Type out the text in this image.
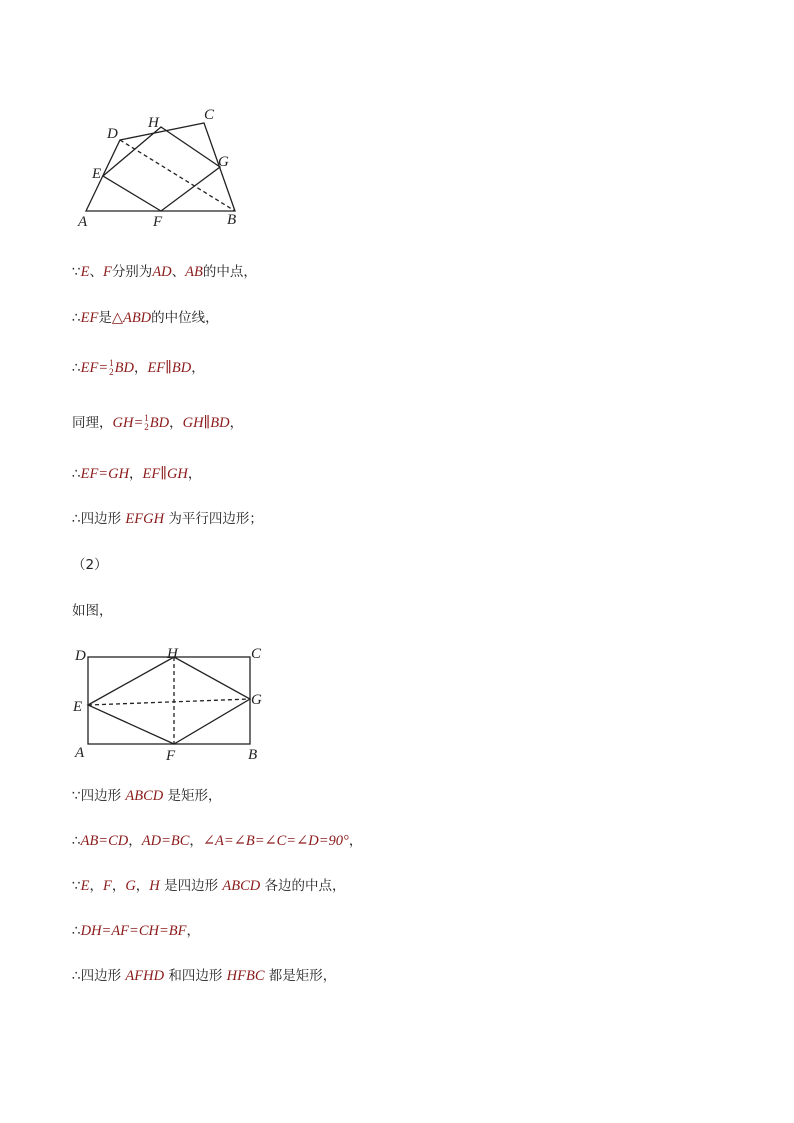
D
H	C
G
E
A	F	B
∵E、F分别为AD、AB的中点，
∴EF是△ABD的中位线，
∴EF= 1
2 BD，EF∥BD，
同理，GH= 1
2 BD，GH∥BD，
∴EF=GH，EF∥GH，
∴四边形 EFGH 为平行四边形；
（2）
如图，
D	H	C
E	G
A	F	B
∵四边形 ABCD 是矩形，
∴AB=CD，AD=BC，∠A=∠B=∠C=∠D=90°，
∵E，F，G，H 是四边形 ABCD 各边的中点，
∴DH=AF=CH=BF，
∴四边形 AFHD 和四边形 HFBC 都是矩形，
